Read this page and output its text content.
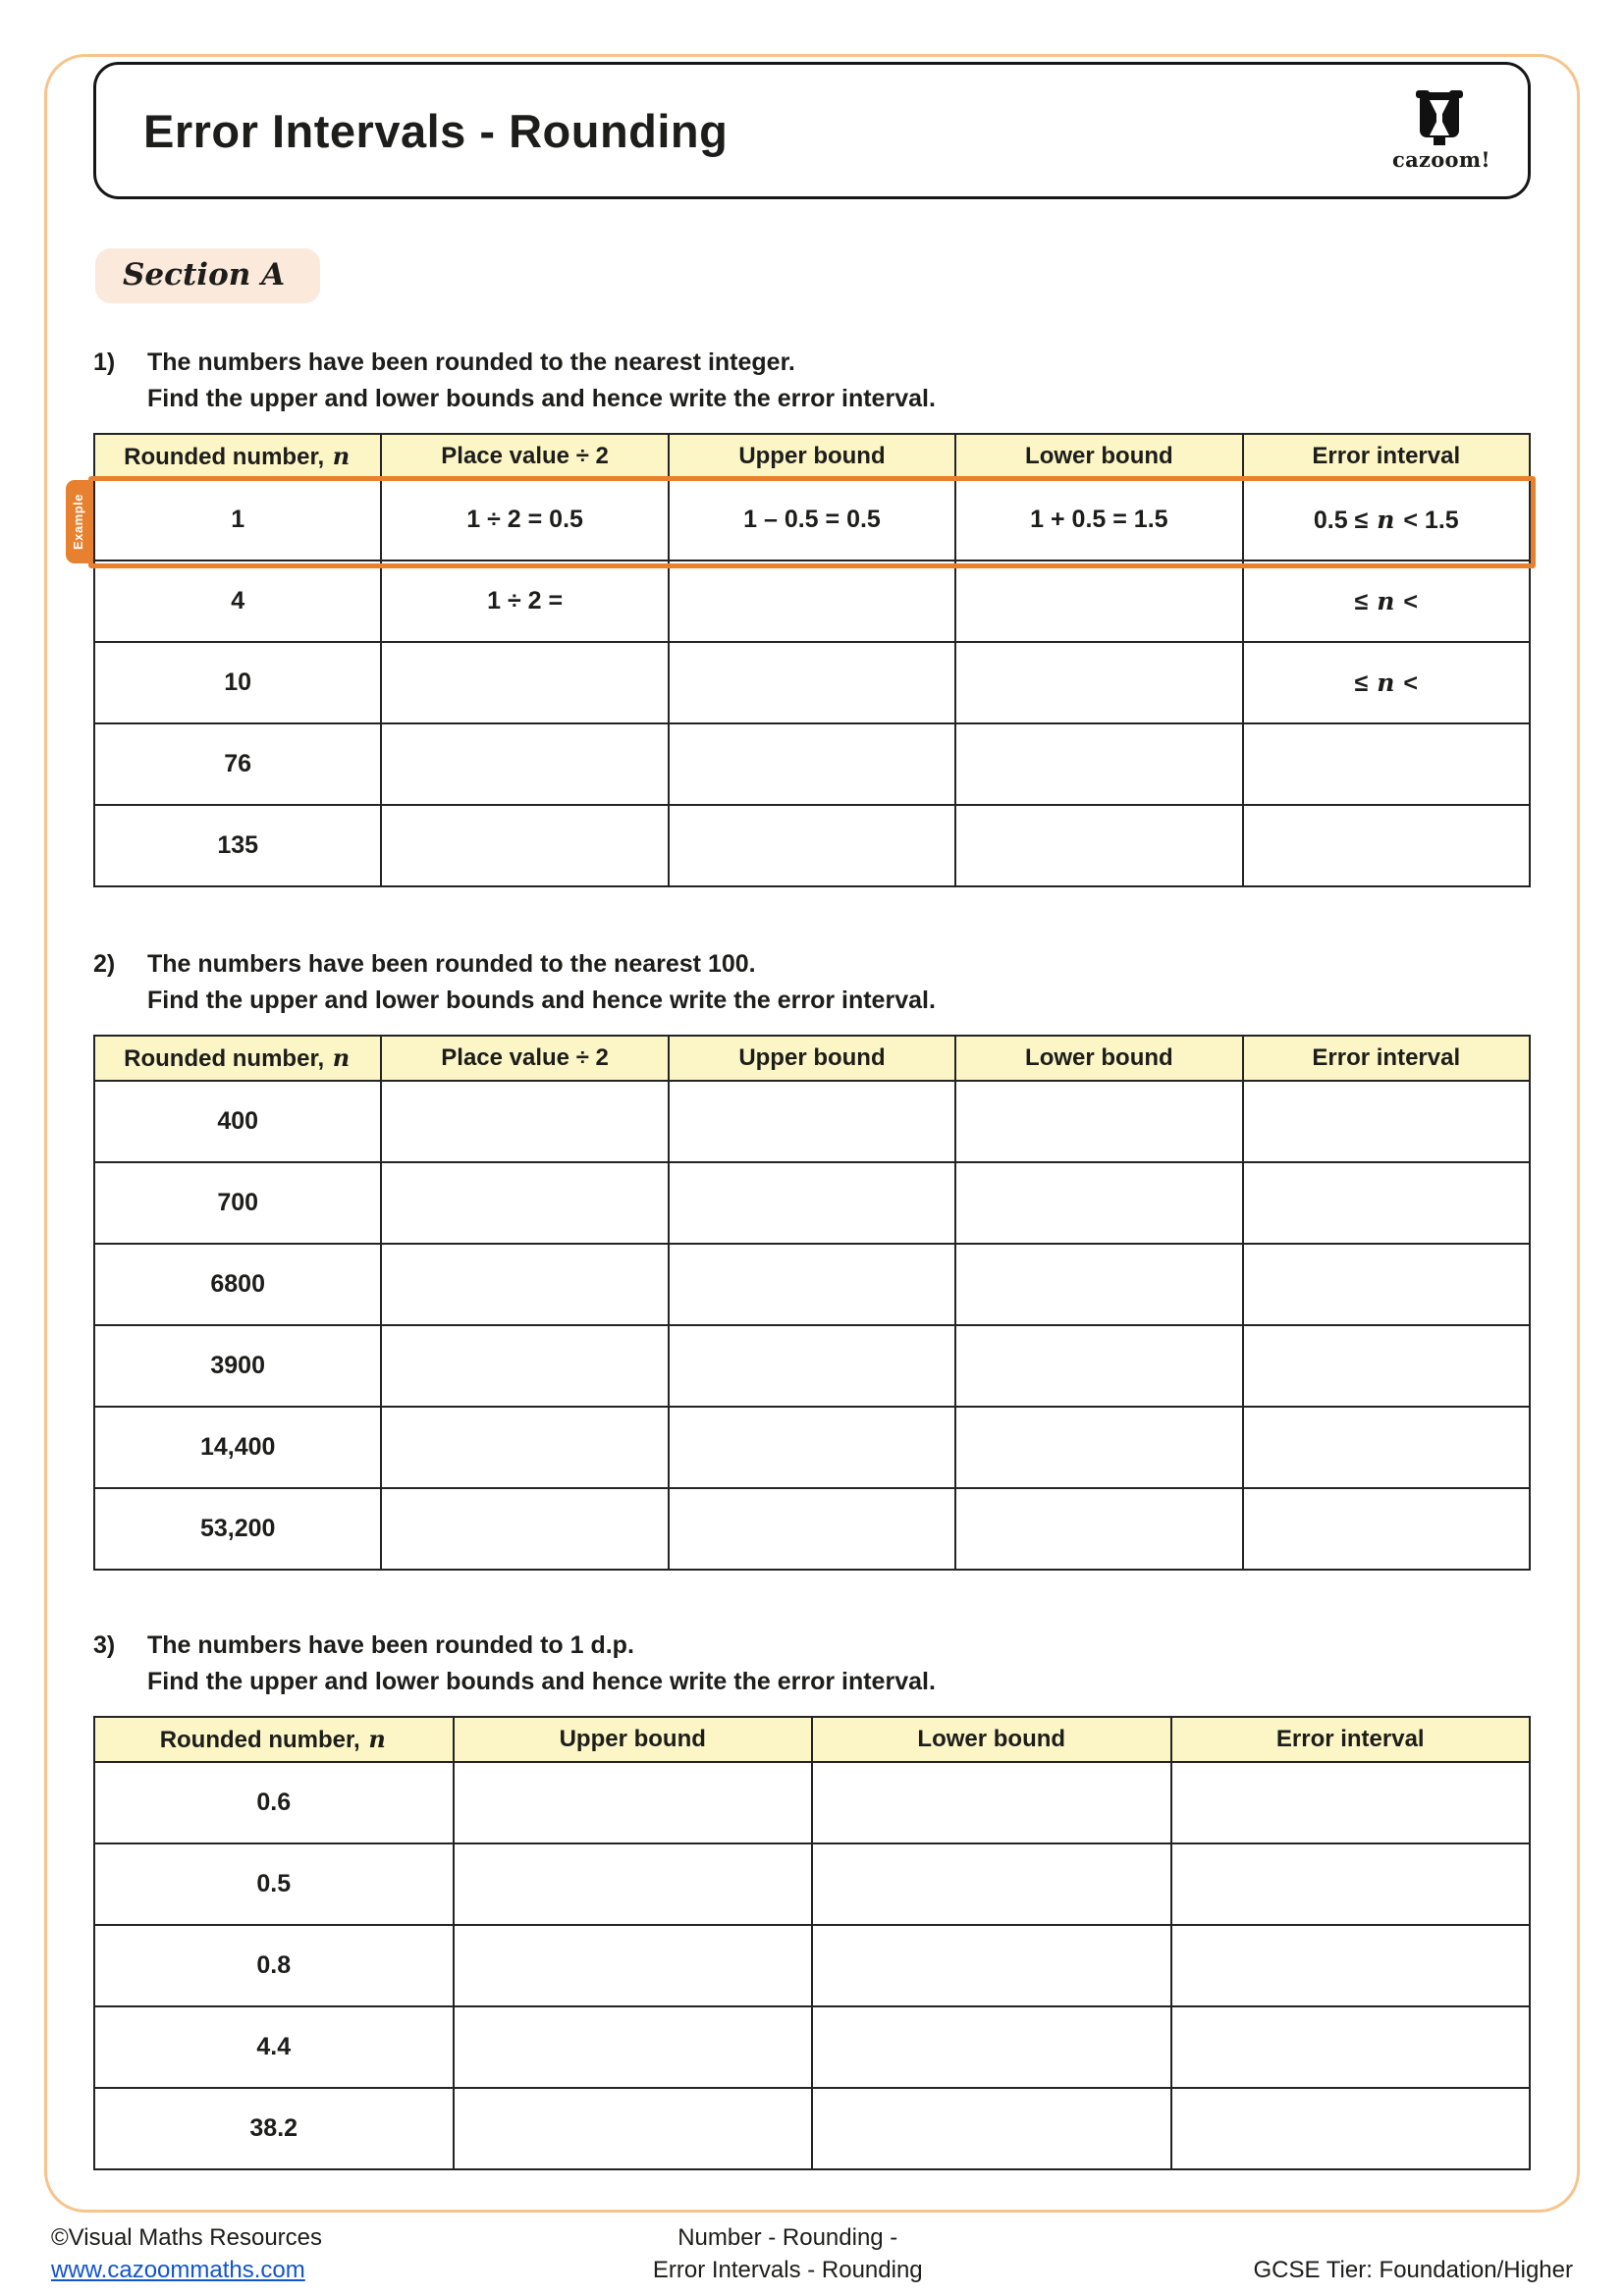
Error Intervals - Rounding
cazoom!
Section A
1)	The numbers have been rounded to the nearest integer.
Find the upper and lower bounds and hence write the error interval.
Rounded number, n	Place value ÷ 2	Upper bound	Lower bound	Error interval
1	1 ÷ 2 = 0.5	1 – 0.5 = 0.5	1 + 0.5 = 1.5	0.5 ≤ n < 1.5
4	1 ÷ 2 =			≤ n <
10				≤ n <
76				
135				
Example
2)	The numbers have been rounded to the nearest 100.
Find the upper and lower bounds and hence write the error interval.
Rounded number, n	Place value ÷ 2	Upper bound	Lower bound	Error interval
400				
700				
6800				
3900				
14,400				
53,200				
3)	The numbers have been rounded to 1 d.p.
Find the upper and lower bounds and hence write the error interval.
Rounded number, n	Upper bound	Lower bound	Error interval
0.6			
0.5			
0.8			
4.4			
38.2			
©Visual Maths Resources
www.cazoommaths.com
Number - Rounding -
Error Intervals - Rounding	GCSE Tier: Foundation/Higher
